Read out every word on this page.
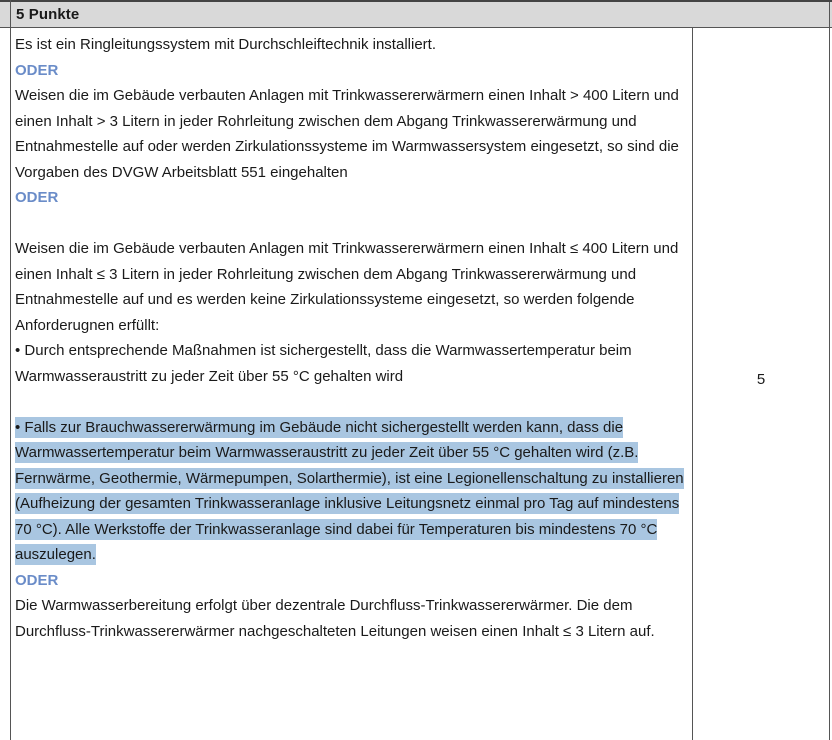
5 Punkte

Es ist ein Ringleitungssystem mit Durchschleiftechnik installiert.

ODER

Weisen die im Gebäude verbauten Anlagen mit Trinkwassererwärmern einen Inhalt > 400 Litern und einen Inhalt > 3 Litern in jeder Rohrleitung zwischen dem Abgang Trinkwassererwärmung und Entnahmestelle auf oder werden Zirkulationssysteme im Warmwassersystem eingesetzt, so sind die Vorgaben des DVGW Arbeitsblatt 551 eingehalten

ODER

Weisen die im Gebäude verbauten Anlagen mit Trinkwassererwärmern einen Inhalt ≤ 400 Litern und einen Inhalt ≤ 3 Litern in jeder Rohrleitung zwischen dem Abgang Trinkwassererwärmung und Entnahmestelle auf und es werden keine Zirkulationssysteme eingesetzt, so werden folgende Anforderugnen erfüllt:

• Durch entsprechende Maßnahmen ist sichergestellt, dass die Warmwassertemperatur beim Warmwasseraustritt zu jeder Zeit über 55 °C gehalten wird

• Falls zur Brauchwassererwärmung im Gebäude nicht sichergestellt werden kann, dass die Warmwassertemperatur beim Warmwasseraustritt zu jeder Zeit über 55 °C gehalten wird (z.B. Fernwärme, Geothermie, Wärmepumpen, Solarthermie), ist eine Legionellenschaltung zu installieren (Aufheizung der gesamten Trinkwasseranlage inklusive Leitungsnetz einmal pro Tag auf mindestens 70 °C). Alle Werkstoffe der Trinkwasseranlage sind dabei für Temperaturen bis mindestens 70 °C auszulegen.

ODER

Die Warmwasserbereitung erfolgt über dezentrale Durchfluss-Trinkwassererwärmer. Die dem Durchfluss-Trinkwassererwärmer nachgeschalteten Leitungen weisen einen Inhalt ≤ 3 Litern auf.

5
